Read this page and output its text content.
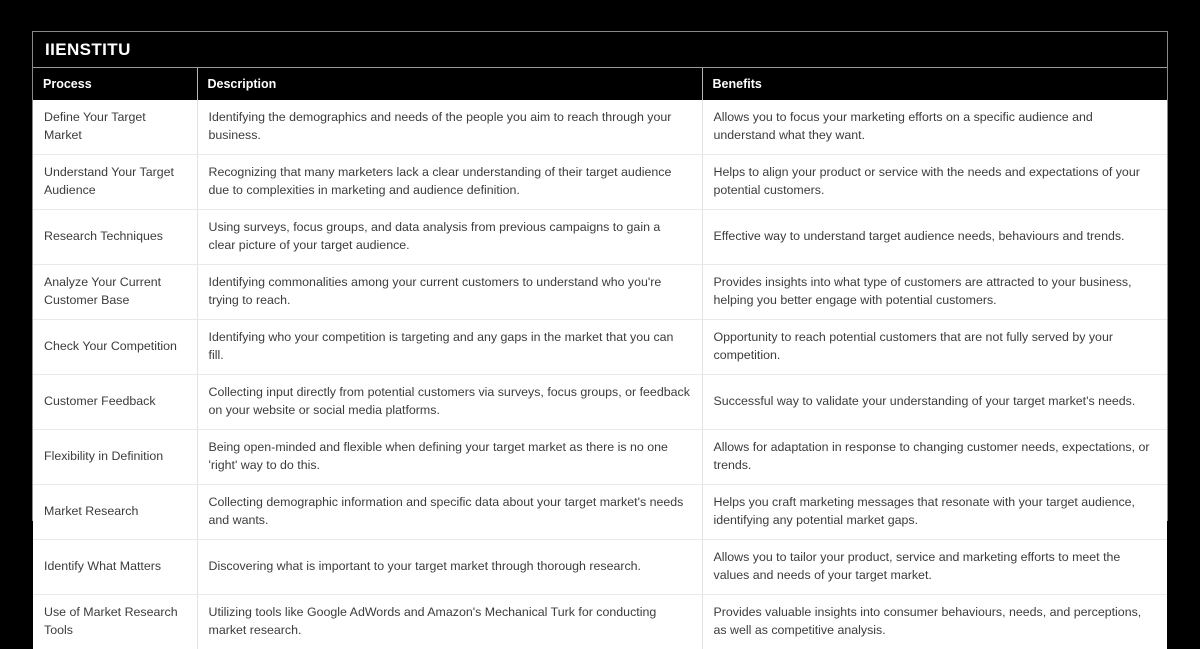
IIENSTITU
Process	Description	Benefits
Define Your Target Market	Identifying the demographics and needs of the people you aim to reach through your business.	Allows you to focus your marketing efforts on a specific audience and understand what they want.
Understand Your Target Audience	Recognizing that many marketers lack a clear understanding of their target audience due to complexities in marketing and audience definition.	Helps to align your product or service with the needs and expectations of your potential customers.
Research Techniques	Using surveys, focus groups, and data analysis from previous campaigns to gain a clear picture of your target audience.	Effective way to understand target audience needs, behaviours and trends.
Analyze Your Current Customer Base	Identifying commonalities among your current customers to understand who you're trying to reach.	Provides insights into what type of customers are attracted to your business, helping you better engage with potential customers.
Check Your Competition	Identifying who your competition is targeting and any gaps in the market that you can fill.	Opportunity to reach potential customers that are not fully served by your competition.
Customer Feedback	Collecting input directly from potential customers via surveys, focus groups, or feedback on your website or social media platforms.	Successful way to validate your understanding of your target market's needs.
Flexibility in Definition	Being open-minded and flexible when defining your target market as there is no one 'right' way to do this.	Allows for adaptation in response to changing customer needs, expectations, or trends.
Market Research	Collecting demographic information and specific data about your target market's needs and wants.	Helps you craft marketing messages that resonate with your target audience, identifying any potential market gaps.
Identify What Matters	Discovering what is important to your target market through thorough research.	Allows you to tailor your product, service and marketing efforts to meet the values and needs of your target market.
Use of Market Research Tools	Utilizing tools like Google AdWords and Amazon's Mechanical Turk for conducting market research.	Provides valuable insights into consumer behaviours, needs, and perceptions, as well as competitive analysis.
